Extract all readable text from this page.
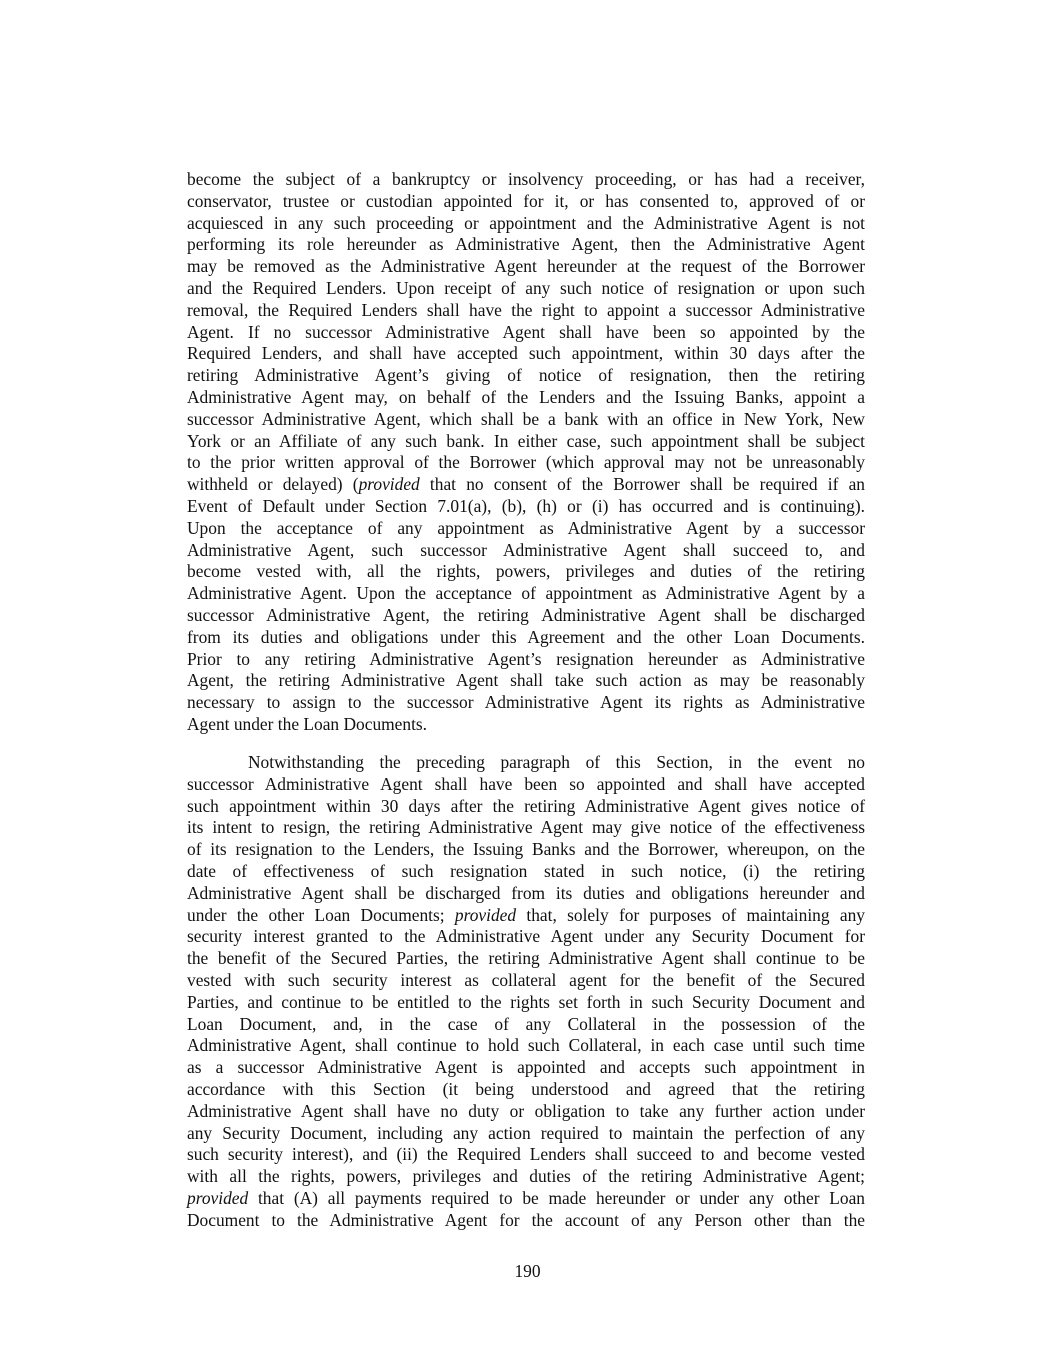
become the subject of a bankruptcy or insolvency proceeding, or has had a receiver,
conservator, trustee or custodian appointed for it, or has consented to, approved of or
acquiesced in any such proceeding or appointment and the Administrative Agent is not
performing its role hereunder as Administrative Agent, then the Administrative Agent
may be removed as the Administrative Agent hereunder at the request of the Borrower
and the Required Lenders. Upon receipt of any such notice of resignation or upon such
removal, the Required Lenders shall have the right to appoint a successor Administrative
Agent. If no successor Administrative Agent shall have been so appointed by the
Required Lenders, and shall have accepted such appointment, within 30 days after the
retiring Administrative Agent’s giving of notice of resignation, then the retiring
Administrative Agent may, on behalf of the Lenders and the Issuing Banks, appoint a
successor Administrative Agent, which shall be a bank with an office in New York, New
York or an Affiliate of any such bank. In either case, such appointment shall be subject
to the prior written approval of the Borrower (which approval may not be unreasonably
withheld or delayed) (provided that no consent of the Borrower shall be required if an
Event of Default under Section 7.01(a), (b), (h) or (i) has occurred and is continuing).
Upon the acceptance of any appointment as Administrative Agent by a successor
Administrative Agent, such successor Administrative Agent shall succeed to, and
become vested with, all the rights, powers, privileges and duties of the retiring
Administrative Agent. Upon the acceptance of appointment as Administrative Agent by a
successor Administrative Agent, the retiring Administrative Agent shall be discharged
from its duties and obligations under this Agreement and the other Loan Documents.
Prior to any retiring Administrative Agent’s resignation hereunder as Administrative
Agent, the retiring Administrative Agent shall take such action as may be reasonably
necessary to assign to the successor Administrative Agent its rights as Administrative
Agent under the Loan Documents.
Notwithstanding the preceding paragraph of this Section, in the event no
successor Administrative Agent shall have been so appointed and shall have accepted
such appointment within 30 days after the retiring Administrative Agent gives notice of
its intent to resign, the retiring Administrative Agent may give notice of the effectiveness
of its resignation to the Lenders, the Issuing Banks and the Borrower, whereupon, on the
date of effectiveness of such resignation stated in such notice, (i) the retiring
Administrative Agent shall be discharged from its duties and obligations hereunder and
under the other Loan Documents; provided that, solely for purposes of maintaining any
security interest granted to the Administrative Agent under any Security Document for
the benefit of the Secured Parties, the retiring Administrative Agent shall continue to be
vested with such security interest as collateral agent for the benefit of the Secured
Parties, and continue to be entitled to the rights set forth in such Security Document and
Loan Document, and, in the case of any Collateral in the possession of the
Administrative Agent, shall continue to hold such Collateral, in each case until such time
as a successor Administrative Agent is appointed and accepts such appointment in
accordance with this Section (it being understood and agreed that the retiring
Administrative Agent shall have no duty or obligation to take any further action under
any Security Document, including any action required to maintain the perfection of any
such security interest), and (ii) the Required Lenders shall succeed to and become vested
with all the rights, powers, privileges and duties of the retiring Administrative Agent;
provided that (A) all payments required to be made hereunder or under any other Loan
Document to the Administrative Agent for the account of any Person other than the
190
